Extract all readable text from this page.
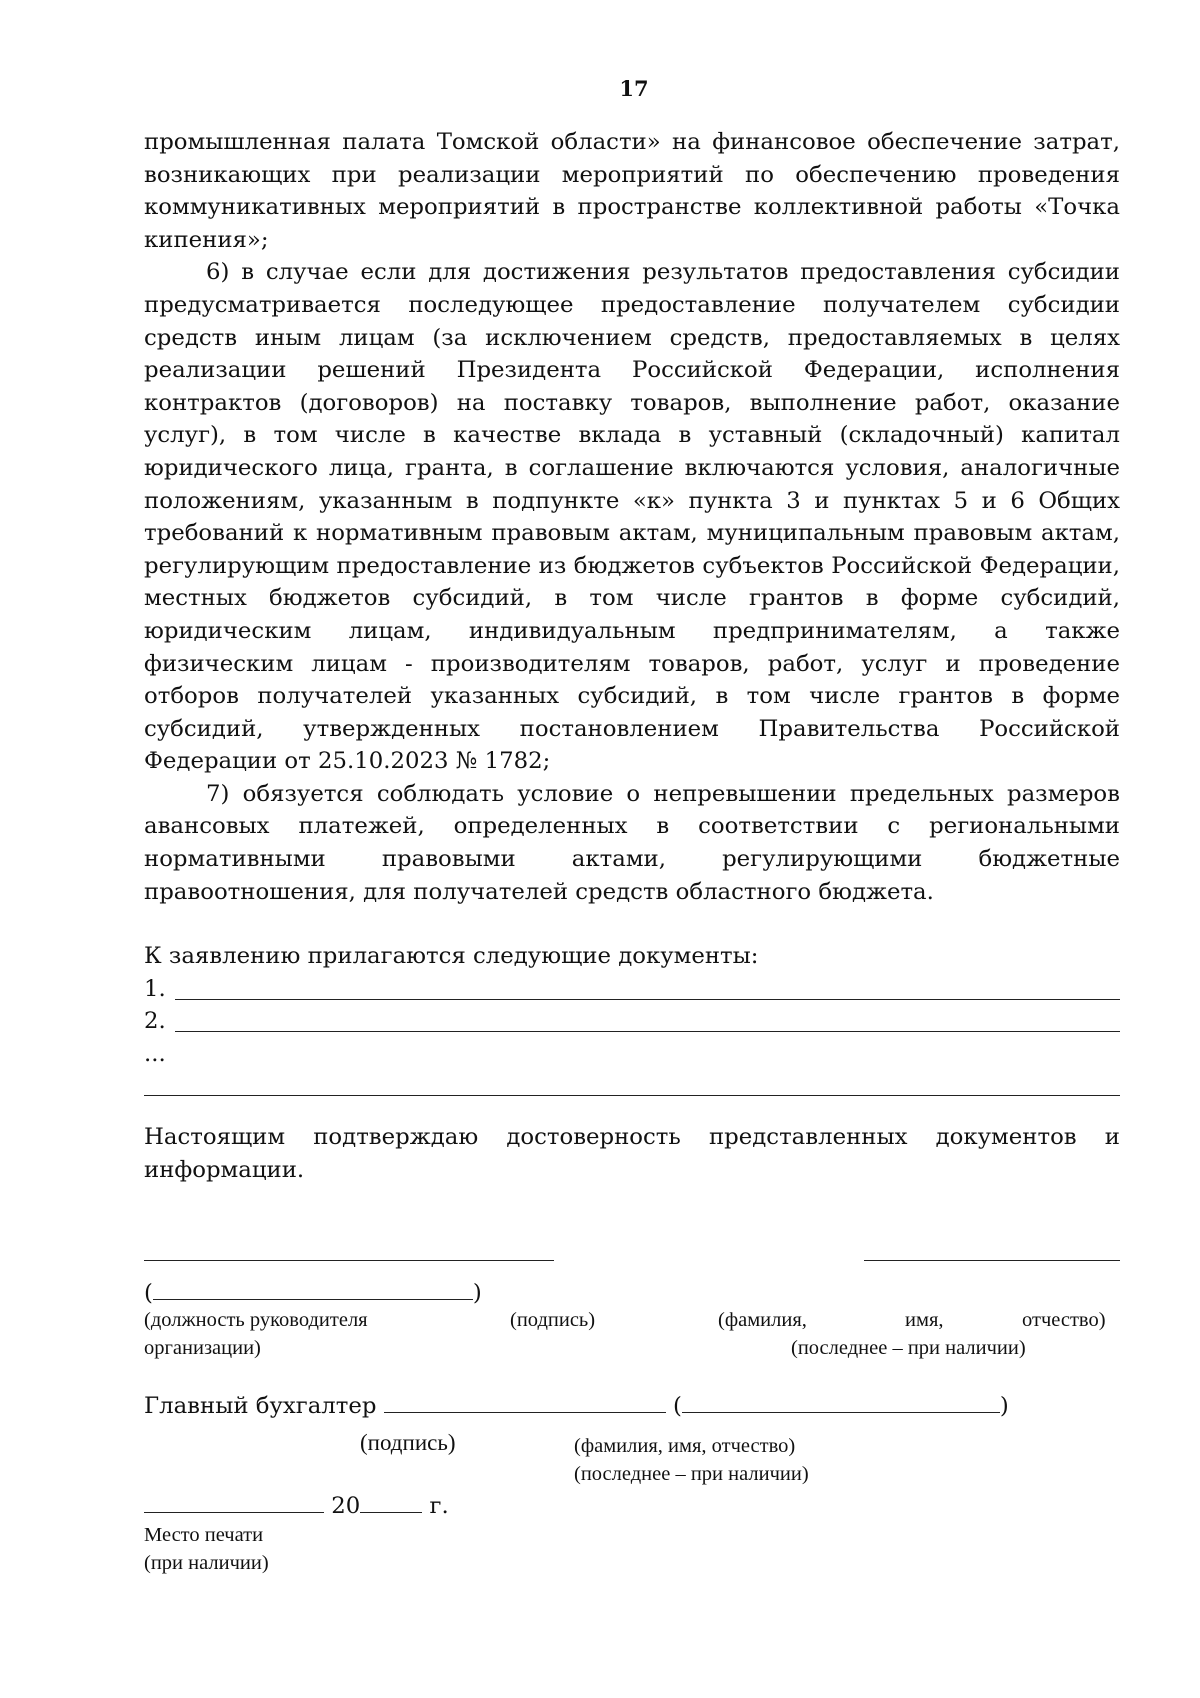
17

промышленная палата Томской области» на финансовое обеспечение затрат, возникающих при реализации мероприятий по обеспечению проведения коммуникативных мероприятий в пространстве коллективной работы «Точка кипения»;

6) в случае если для достижения результатов предоставления субсидии предусматривается последующее предоставление получателем субсидии средств иным лицам (за исключением средств, предоставляемых в целях реализации решений Президента Российской Федерации, исполнения контрактов (договоров) на поставку товаров, выполнение работ, оказание услуг), в том числе в качестве вклада в уставный (складочный) капитал юридического лица, гранта, в соглашение включаются условия, аналогичные положениям, указанным в подпункте «к» пункта 3 и пунктах 5 и 6 Общих требований к нормативным правовым актам, муниципальным правовым актам, регулирующим предоставление из бюджетов субъектов Российской Федерации, местных бюджетов субсидий, в том числе грантов в форме субсидий, юридическим лицам, индивидуальным предпринимателям, а также физическим лицам - производителям товаров, работ, услуг и проведение отборов получателей указанных субсидий, в том числе грантов в форме субсидий, утвержденных постановлением Правительства Российской Федерации от 25.10.2023 № 1782;

7) обязуется соблюдать условие о непревышении предельных размеров авансовых платежей, определенных в соответствии с региональными нормативными правовыми актами, регулирующими бюджетные правоотношения, для получателей средств областного бюджета.

К заявлению прилагаются следующие документы:
1.
2.
...

Настоящим подтверждаю достоверность представленных документов и информации.

(	)
(должность руководителя
организации)
(подпись)	(фамилия,	имя,	отчество)
(последнее – при наличии)
Главный бухгалтер	(	)
(подпись)	(фамилия, имя, отчество)
(последнее – при наличии)
20	г.
Место печати
(при наличии)
